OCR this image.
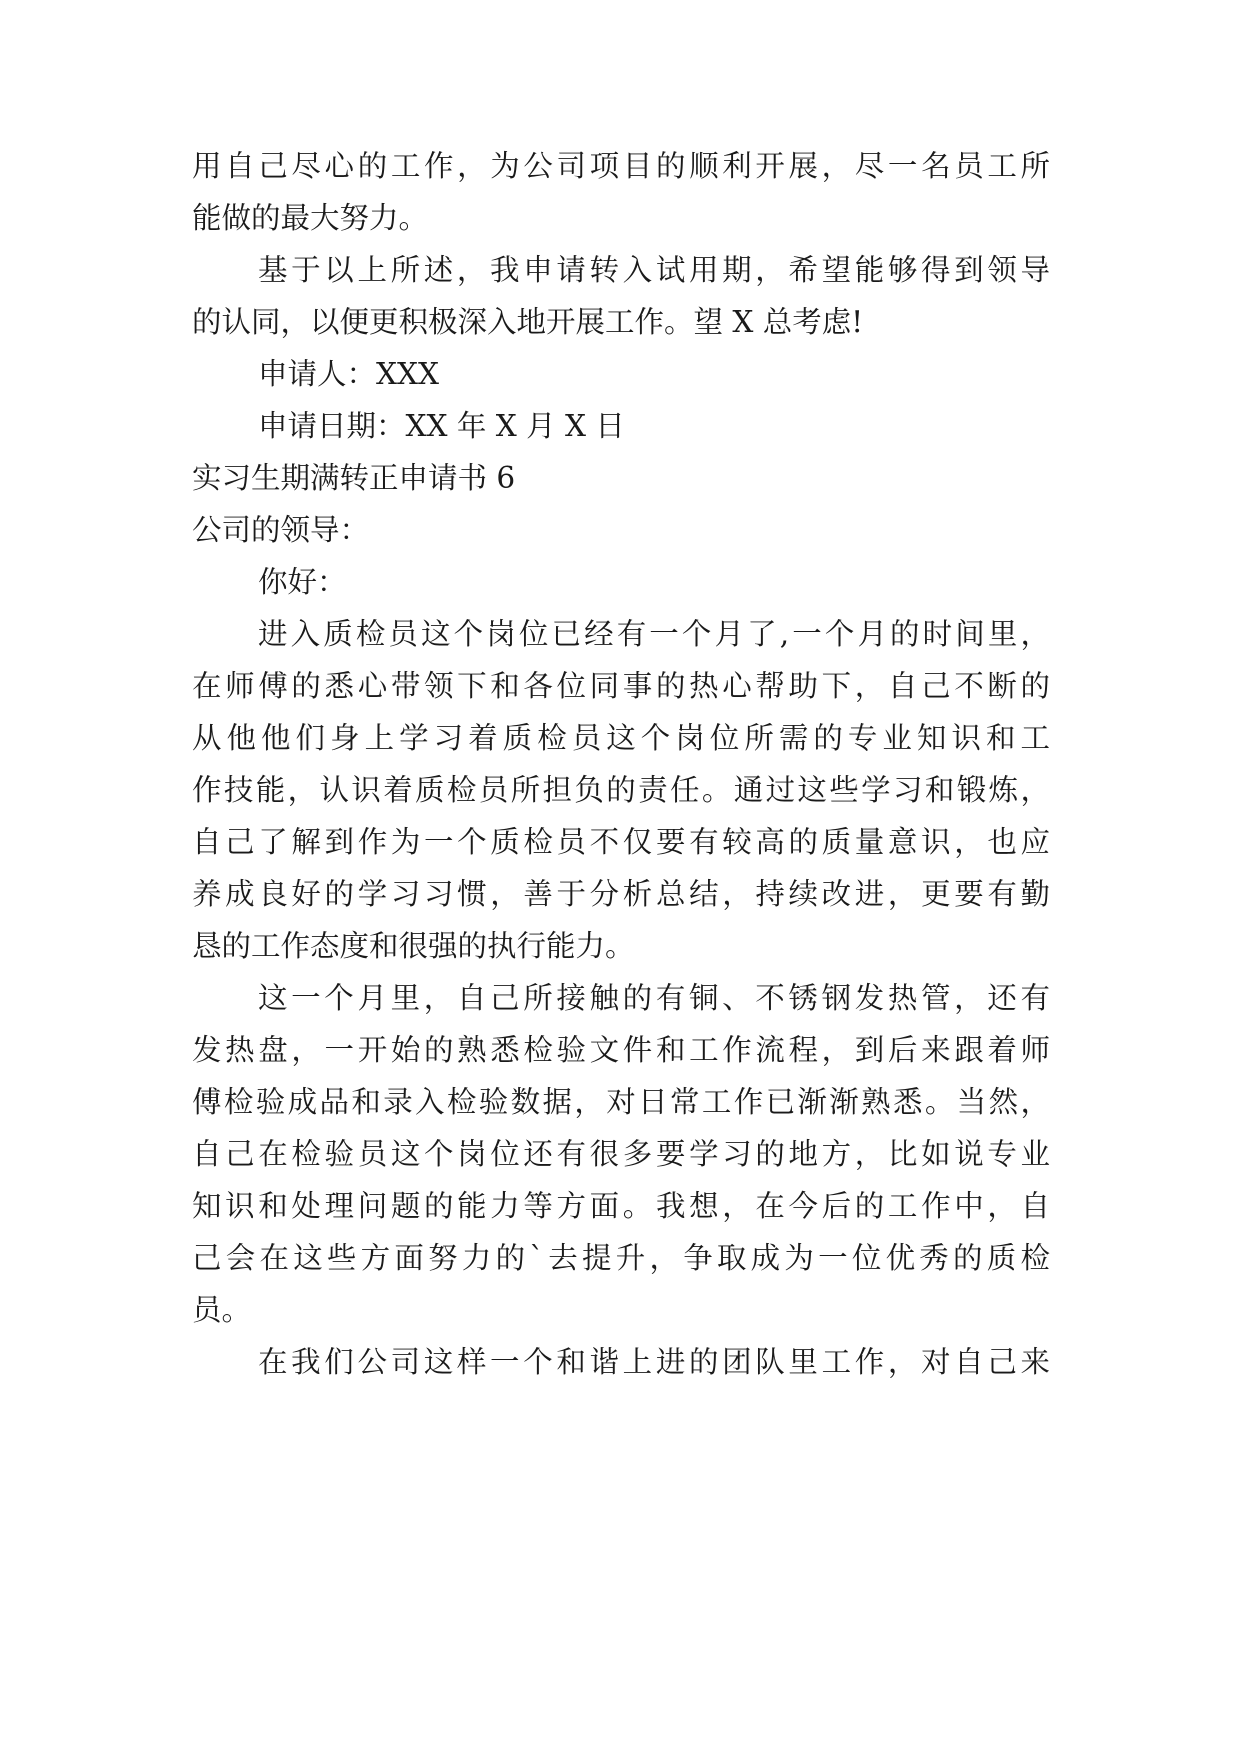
用自己尽心的工作，为公司项目的顺利开展，尽一名员工所
能做的最大努力。
基于以上所述，我申请转入试用期，希望能够得到领导
的认同，以便更积极深入地开展工作。望 X 总考虑!
申请人：XXX
申请日期：XX 年 X 月 X 日
实习生期满转正申请书 6
公司的领导：
你好：
进入质检员这个岗位已经有一个月了,一个月的时间里，
在师傅的悉心带领下和各位同事的热心帮助下，自己不断的
从他他们身上学习着质检员这个岗位所需的专业知识和工
作技能，认识着质检员所担负的责任。通过这些学习和锻炼，
自己了解到作为一个质检员不仅要有较高的质量意识，也应
养成良好的学习习惯，善于分析总结，持续改进，更要有勤
恳的工作态度和很强的执行能力。
这一个月里，自己所接触的有铜、不锈钢发热管，还有
发热盘，一开始的熟悉检验文件和工作流程，到后来跟着师
傅检验成品和录入检验数据，对日常工作已渐渐熟悉。当然，
自己在检验员这个岗位还有很多要学习的地方，比如说专业
知识和处理问题的能力等方面。我想，在今后的工作中，自
己会在这些方面努力的`去提升，争取成为一位优秀的质检
员。
在我们公司这样一个和谐上进的团队里工作，对自己来
